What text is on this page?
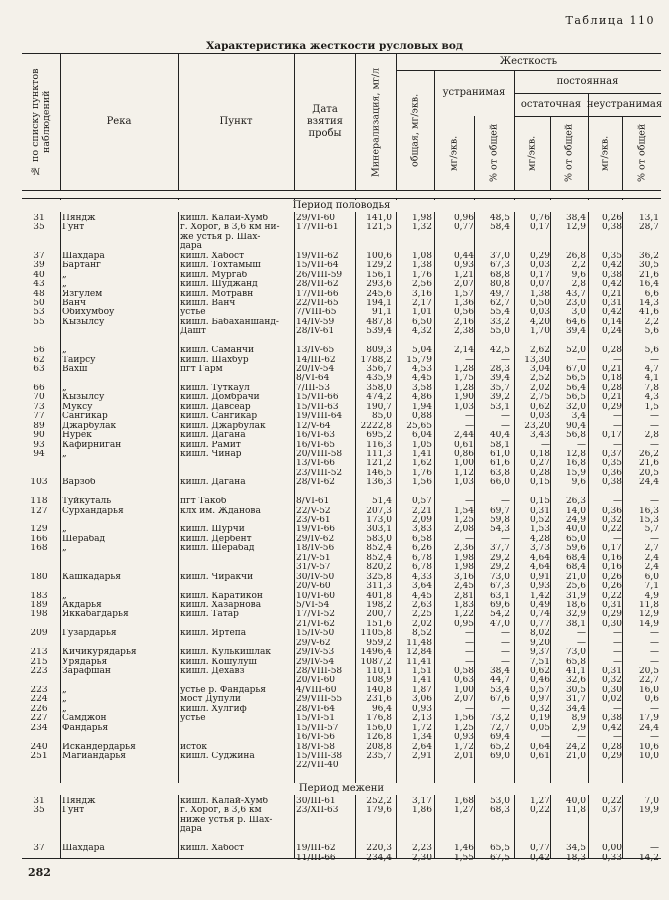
Таблица 110
Характеристика жесткости русловых вод
№ по списку пунктов наблюдений	Река	Пункт
Дата взятия пробы	Минерализация, мг/л
Жесткость
общая, мг/экв.
устранимая
постоянная
остаточная неустранимая
мг/экв.	% от общей	мг/экв.	% от общей	мг/экв.	% от общей
Период половодья
31	Пяндж	кишл. Калаи-Хумб	29/VI-60	141,0	1,98	0,96	48,5	0,76	38,4	0,26	13,1
35	Гунт	г. Хорог, в 3,6 км ни-	17/VII-61	121,5	1,32	0,77	58,4	0,17	12,9	0,38	28,7
же устья р. Шах-
дара
37	Шахдара	кишл. Хабост	19/VII-62	100,6	1,08	0,44	37,0	0,29	26,8	0,35	36,2
39	Бартанг	кишл. Тохтамыш	15/VII-64	129,2	1,38	0,93	67,3	0,03	2,2	0,42	30,5
40	„	кишл. Мургаб	26/VIII-59	156,1	1,76	1,21	68,8	0,17	9,6	0,38	21,6
43	„	кишл. Шуджанд	28/VII-62	293,6	2,56	2,07	80,8	0,07	2,8	0,42	16,4
48	Язгулем	кишл. Мотравн	17/VII-66	245,6	3,16	1,57	49,7	1,38	43,7	0,21	6,6
50	Ванч	кишл. Ванч	22/VII-65	194,1	2,17	1,36	62,7	0,50	23,0	0,31	14,3
53	Обихумбоу	устье	7/VIII-65	91,1	1,01	0,56	55,4	0,03	3,0	0,42	41,6
55	Кызылсу	кишл. Бабаханшанд-	14/IV-59	487,8	6,50	2,16	33,2	4,20	64,6	0,14	2,2
Дашт	28/IV-61	539,4	4,32	2,38	55,0	1,70	39,4	0,24	5,6
56	„	кишл. Саманчи	13/IV-65	809,3	5,04	2,14	42,5	2,62	52,0	0,28	5,6
62	Таирсу	кишл. Шахбур	14/III-62	1788,2	15,79	—	—	13,30	—	—	—
63	Вахш	пгт Гарм	20/IV-54	356,7	4,53	1,28	28,3	3,04	67,0	0,21	4,7
8/VI-64	435,9	4,45	1,75	39,4	2,52	56,5	0,18	4,1
66	„	кишл. Туткаул	7/III-53	358,0	3,58	1,28	35,7	2,02	56,4	0,28	7,8
70	Кызылсу	кишл. Домбрачи	15/VII-66	474,2	4,86	1,90	39,2	2,75	56,5	0,21	4,3
73	Муксу	кишл. Давсеар	15/VII-63	190,7	1,94	1,03	53,1	0,62	32,0	0,29	1,5
77	Сангикар	кишл. Сангикар	19/VIII-64	85,0	0,88	—	—	0,03	3,4	—	—
89	Джарбулак	кишл. Джарбулак	12/V-64	2222,8	25,65	—	—	23,20	90,4	—	—
90	Нурек	кишл. Дагана	16/VI-63	695,2	6,04	2,44	40,4	3,43	56,8	0,17	2,8
93	Кафирниган	кишл. Рамит	16/VI-65	116,3	1,05	0,61	58,1	—	—	—	—
94	„	кишл. Чинар	20/VIII-58	111,3	1,41	0,86	61,0	0,18	12,8	0,37	26,2
13/VI-66	121,2	1,62	1,00	61,6	0,27	16,8	0,35	21,6
23/VIII-52	146,5	1,76	1,12	63,8	0,28	15,9	0,36	20,5
103	Варзоб	кишл. Дагана	28/VI-62	136,3	1,56	1,03	66,0	0,15	9,6	0,38	24,4
118	Туйкуталь	пгт Такоб	8/VI-61	51,4	0,57	—	—	0,15	26,3	—	—
127	Сурхандарья	клх им. Жданова	22/V-52	207,3	2,21	1,54	69,7	0,31	14,0	0,36	16,3
23/V-61	173,0	2,09	1,25	59,8	0,52	24,9	0,32	15,3
129	„	кишл. Шурчи	19/VI-66	303,1	3,83	2,08	54,3	1,53	40,0	0,22	5,7
166	Шерабад	кишл. Дербент	29/IV-62	583,0	6,58	—	—	4,28	65,0	—	—
168	„	кишл. Шерабад	18/IV-56	852,4	6,26	2,36	37,7	3,73	59,6	0,17	2,7
21/V-51	852,4	6,78	1,98	29,2	4,64	68,4	0,16	2,4
31/V-57	820,2	6,78	1,98	29,2	4,64	68,4	0,16	2,4
180	Кашкадарья	кишл. Чиракчи	30/IV-50	325,8	4,33	3,16	73,0	0,91	21,0	0,26	6,0
20/V-60	311,3	3,64	2,45	67,3	0,93	25,6	0,26	7,1
183	„	кишл. Каратикон	10/VI-60	401,8	4,45	2,81	63,1	1,42	31,9	0,22	4,9
189	Акдарья	кишл. Хазарнова	5/VI-54	198,2	2,63	1,83	69,6	0,49	18,6	0,31	11,8
198	Яккабагдарья	кишл. Татар	17/VI-52	200,7	2,25	1,22	54,2	0,74	32,9	0,29	12,9
21/VI-62	151,6	2,02	0,95	47,0	0,77	38,1	0,30	14,9
209	Гузардарья	кишл. Яртепа	15/IV-50	1105,8	8,52	—	—	8,02	—	—	—
29/V-62	959,2	11,48	—	—	9,20	—	—	—
213	Кичикурядарья	кишл. Кулькишлак	29/IV-53	1496,4	12,84	—	—	9,37	73,0	—	—
215	Урядарья	кишл. Кошулуш	29/IV-54	1087,2	11,41	—	—	7,51	65,8	—	—
223	Зарафшан	кишл. Дехавз	28/VIII-58	110,1	1,51	0,58	38,4	0,62	41,1	0,31	20,5
20/VI-60	108,9	1,41	0,63	44,7	0,46	32,6	0,32	22,7
223	„	устье р. Фандарья	4/VIII-60	140,8	1,87	1,00	53,4	0,57	30,5	0,30	16,0
224	„	мост Дупули	29/VIII-55	231,6	3,06	2,07	67,6	0,97	31,7	0,02	0,6
226	„	кишл. Хулгиф	28/VI-64	96,4	0,93	—	—	0,32	34,4	—	—
227	Самджон	устье	15/VI-51	176,8	2,13	1,56	73,2	0,19	8,9	0,38	17,9
234	Фандарья	15/VII-57	156,0	1,72	1,25	72,7	0,05	2,9	0,42	24,4
16/VI-56	126,8	1,34	0,93	69,4	—	—	—	—
240	Искандердарья	исток	18/VI-58	208,8	2,64	1,72	65,2	0,64	24,2	0,28	10,6
251	Магиандарья	кишл. Суджина	15/VIII-38	235,7	2,91	2,01	69,0	0,61	21,0	0,29	10,0
22/VII-40
Период межени
31	Пяндж	кишл. Калай-Хумб	30/III-61	252,2	3,17	1,68	53,0	1,27	40,0	0,22	7,0
35	Гунт	г. Хорог, в 3,6 км	23/XII-63	179,6	1,86	1,27	68,3	0,22	11,8	0,37	19,9
ниже устья р. Шах-
дара
37	Шахдара	кишл. Хабост	19/III-62	220,3	2,23	1,46	65,5	0,77	34,5	0,00	—
11/III-66	234,4	2,30	1,55	67,5	0,42	18,3	0,33	14,2
282
